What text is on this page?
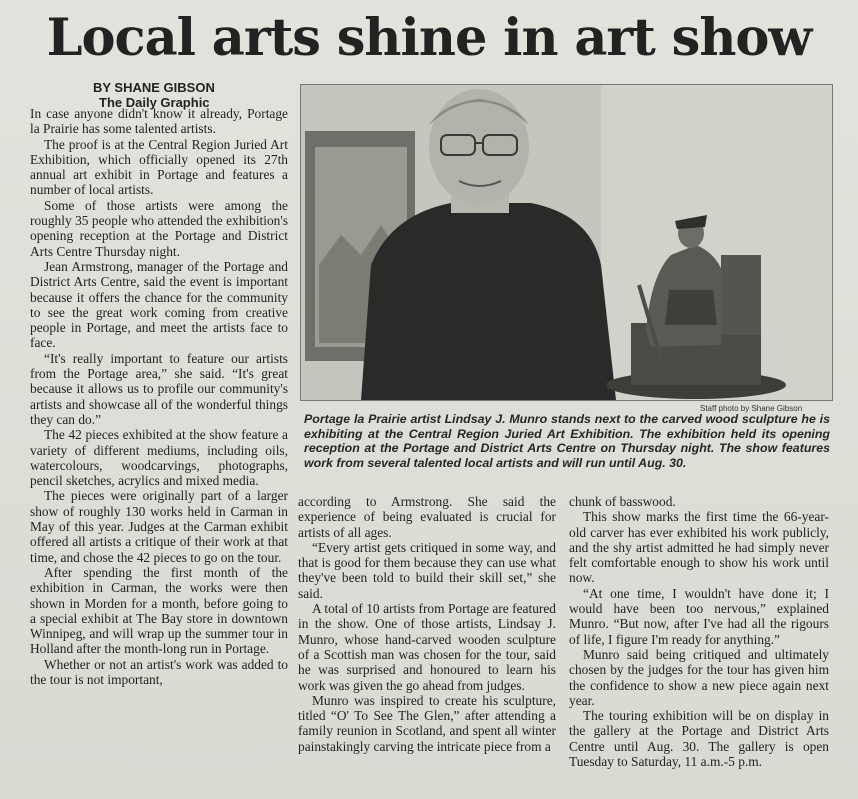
Local arts shine in art show
BY SHANE GIBSON
The Daily Graphic

In case anyone didn't know it already, Portage la Prairie has some talented artists.

The proof is at the Central Region Juried Art Exhibition, which officially opened its 27th annual art exhibit in Portage and features a number of local artists.

Some of those artists were among the roughly 35 people who attended the exhibition's opening reception at the Portage and District Arts Centre Thursday night.

Jean Armstrong, manager of the Portage and District Arts Centre, said the event is important because it offers the chance for the community to see the great work coming from creative people in Portage, and meet the artists face to face.

“It's really important to feature our artists from the Portage area,” she said. “It's great because it allows us to profile our community's artists and showcase all of the wonderful things they can do.”

The 42 pieces exhibited at the show feature a variety of different mediums, including oils, watercolours, woodcarvings, photographs, pencil sketches, acrylics and mixed media.

The pieces were originally part of a larger show of roughly 130 works held in Carman in May of this year. Judges at the Carman exhibit offered all artists a critique of their work at that time, and chose the 42 pieces to go on the tour.

After spending the first month of the exhibition in Carman, the works were then shown in Morden for a month, before going to a special exhibit at The Bay store in downtown Winnipeg, and will wrap up the summer tour in Holland after the month-long run in Portage.

Whether or not an artist's work was added to the tour is not important,

Staff photo by Shane Gibson
Portage la Prairie artist Lindsay J. Munro stands next to the carved wood sculpture he is exhibiting at the Central Region Juried Art Exhibition. The exhibition held its opening reception at the Portage and District Arts Centre on Thursday night. The show features work from several talented local artists and will run until Aug. 30.

according to Armstrong. She said the experience of being evaluated is crucial for artists of all ages.

“Every artist gets critiqued in some way, and that is good for them because they can use what they've been told to build their skill set,” she said.

A total of 10 artists from Portage are featured in the show. One of those artists, Lindsay J. Munro, whose hand-carved wooden sculpture of a Scottish man was chosen for the tour, said he was surprised and honoured to learn his work was given the go ahead from judges.

Munro was inspired to create his sculpture, titled “O' To See The Glen,” after attending a family reunion in Scotland, and spent all winter painstakingly carving the intricate piece from a

chunk of basswood.

This show marks the first time the 66-year-old carver has ever exhibited his work publicly, and the shy artist admitted he had simply never felt comfortable enough to show his work until now.

“At one time, I wouldn't have done it; I would have been too nervous,” explained Munro. “But now, after I've had all the rigours of life, I figure I'm ready for anything.”

Munro said being critiqued and ultimately chosen by the judges for the tour has given him the confidence to show a new piece again next year.

The touring exhibition will be on display in the gallery at the Portage and District Arts Centre until Aug. 30. The gallery is open Tuesday to Saturday, 11 a.m.-5 p.m.
